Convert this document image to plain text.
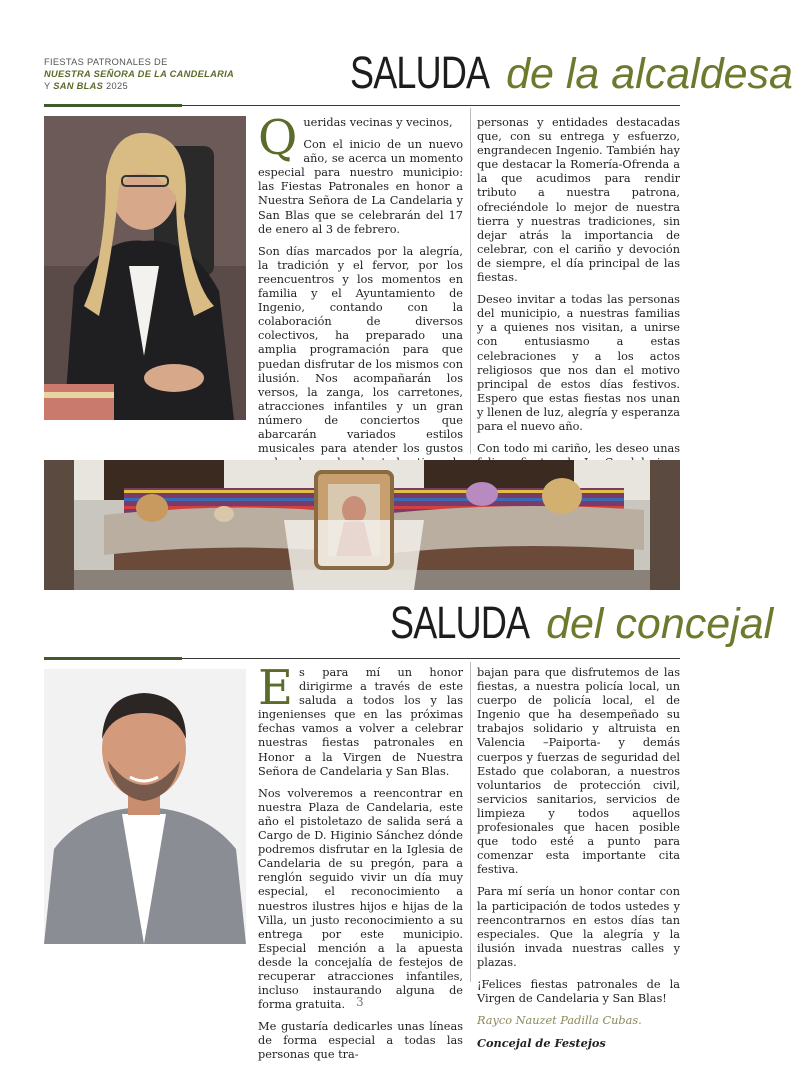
FIESTAS PATRONALES DE
NUESTRA SEÑORA DE LA CANDELARIA
Y SAN BLAS 2025	SALUDA de la alcaldesa

Queridas vecinas y vecinos,

Con el inicio de un nuevo año, se acerca un momento especial para nuestro municipio: las Fiestas Patronales en honor a Nuestra Señora de La Candelaria y San Blas que se celebrarán del 17 de enero al 3 de febrero.

Son días marcados por la alegría, la tradición y el fervor, por los reencuentros y los momentos en familia y el Ayuntamiento de Ingenio, contando con la colaboración de diversos colectivos, ha preparado una amplia programación para que puedan disfrutar de los mismos con ilusión. Nos acompañarán los versos, la zanga, los carretones, atracciones infantiles y un gran número de conciertos que abarcarán variados estilos musicales para atender los gustos

personas y entidades destacadas que, con su entrega y esfuerzo, engrandecen Ingenio. También hay que destacar la Romería-Ofrenda a la que acudimos para rendir tributo a nuestra patrona, ofreciéndole lo mejor de nuestra tierra y nuestras tradiciones, sin dejar atrás la importancia de celebrar, con el cariño y devoción de siempre, el día principal de las fiestas.

Deseo invitar a todas las personas del municipio, a nuestras familias y a quienes nos visitan, a unirse con entusiasmo a estas celebraciones y a los actos religiosos que nos dan el motivo principal de estos días festivos. Espero que estas fiestas nos unan y llenen de luz, alegría y esperanza para el nuevo año.

Con todo mi cariño, les deseo unas

SALUDA del concejal

Es para mí un honor dirigirme a través de este saluda a todos los y las ingenienses que en las próximas fechas vamos a volver a celebrar nuestras fiestas patronales en Honor a la Virgen de Nuestra Señora de Candelaria y San Blas.

Nos volveremos a reencontrar en nuestra Plaza de Candelaria, este año el pistoletazo de salida será a Cargo de D. Higinio Sánchez dónde podremos disfrutar en la Iglesia de Candelaria de su pregón, para a renglón seguido vivir un día muy especial, el reconocimiento a nuestros ilustres hijos e hijas de la Villa, un justo reconocimiento a su entrega por este municipio. Especial mención a la apuesta desde la concejalía de festejos de recuperar atracciones infantiles, incluso instaurando alguna de forma gratuita.

Me gustaría dedicarles unas líneas de forma especial a todas las personas que tra-

bajan para que disfrutemos de las fiestas, a nuestra policía local, un cuerpo de policía local, el de Ingenio que ha desempeñado su trabajos solidario y altruista en Valencia –Paiporta- y demás cuerpos y fuerzas de seguridad del Estado que colaboran, a nuestros voluntarios de protección civil, servicios sanitarios, servicios de limpieza y todos aquellos profesionales que hacen posible que todo esté a punto para comenzar esta importante cita festiva.

Para mí sería un honor contar con la participación de todos ustedes y reencontrarnos en estos días tan especiales. Que la alegría y la ilusión invada nuestras calles y plazas.

¡Felices fiestas patronales de la Virgen de Candelaria y San Blas!

Rayco Nauzet Padilla Cubas.

Concejal de Festejos

3
